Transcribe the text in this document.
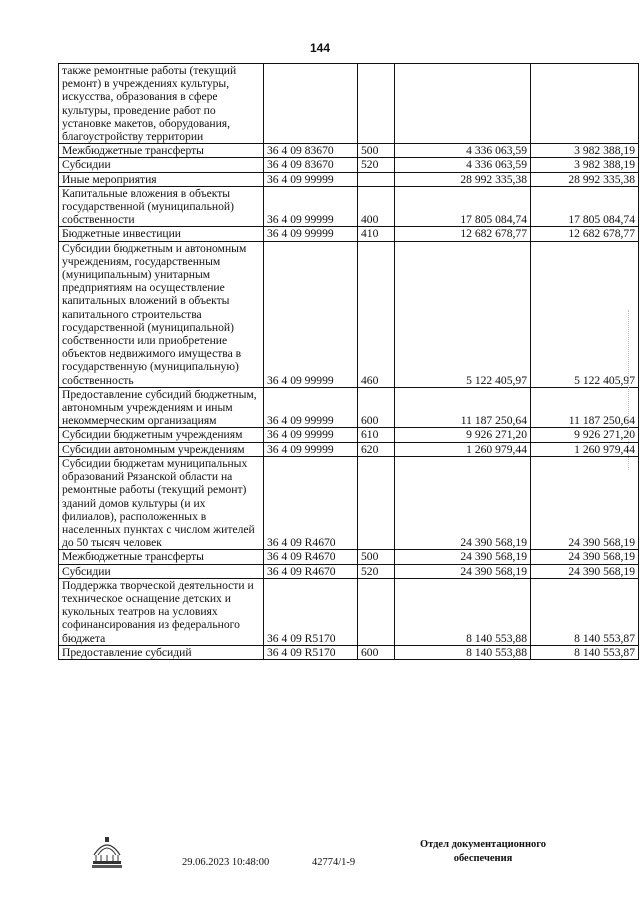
144
также ремонтные работы (текущий ремонт) в учреждениях культуры, искусства, образования в сфере культуры, проведение работ по установке макетов, оборудования, благоустройству территории				
Межбюджетные трансферты	36 4 09 83670	500	4 336 063,59	3 982 388,19
Субсидии	36 4 09 83670	520	4 336 063,59	3 982 388,19
Иные мероприятия	36 4 09 99999		28 992 335,38	28 992 335,38
Капитальные вложения в объекты государственной (муниципальной) собственности	36 4 09 99999	400	17 805 084,74	17 805 084,74
Бюджетные инвестиции	36 4 09 99999	410	12 682 678,77	12 682 678,77
Субсидии бюджетным и автономным учреждениям, государственным (муниципальным) унитарным предприятиям на осуществление капитальных вложений в объекты капитального строительства государственной (муниципальной) собственности или приобретение объектов недвижимого имущества в государственную (муниципальную) собственность	36 4 09 99999	460	5 122 405,97	5 122 405,97
Предоставление субсидий бюджетным, автономным учреждениям и иным некоммерческим организациям	36 4 09 99999	600	11 187 250,64	11 187 250,64
Субсидии бюджетным учреждениям	36 4 09 99999	610	9 926 271,20	9 926 271,20
Субсидии автономным учреждениям	36 4 09 99999	620	1 260 979,44	1 260 979,44
Субсидии бюджетам муниципальных образований Рязанской области на ремонтные работы (текущий ремонт) зданий домов культуры (и их филиалов), расположенных в населенных пунктах с числом жителей до 50 тысяч человек	36 4 09 R4670		24 390 568,19	24 390 568,19
Межбюджетные трансферты	36 4 09 R4670	500	24 390 568,19	24 390 568,19
Субсидии	36 4 09 R4670	520	24 390 568,19	24 390 568,19
Поддержка творческой деятельности и техническое оснащение детских и кукольных театров на условиях софинансирования из федерального бюджета	36 4 09 R5170		8 140 553,88	8 140 553,87
Предоставление субсидий	36 4 09 R5170	600	8 140 553,88	8 140 553,87
29.06.2023 10:48:00	42774/1-9
Отдел документационного
обеспечения
